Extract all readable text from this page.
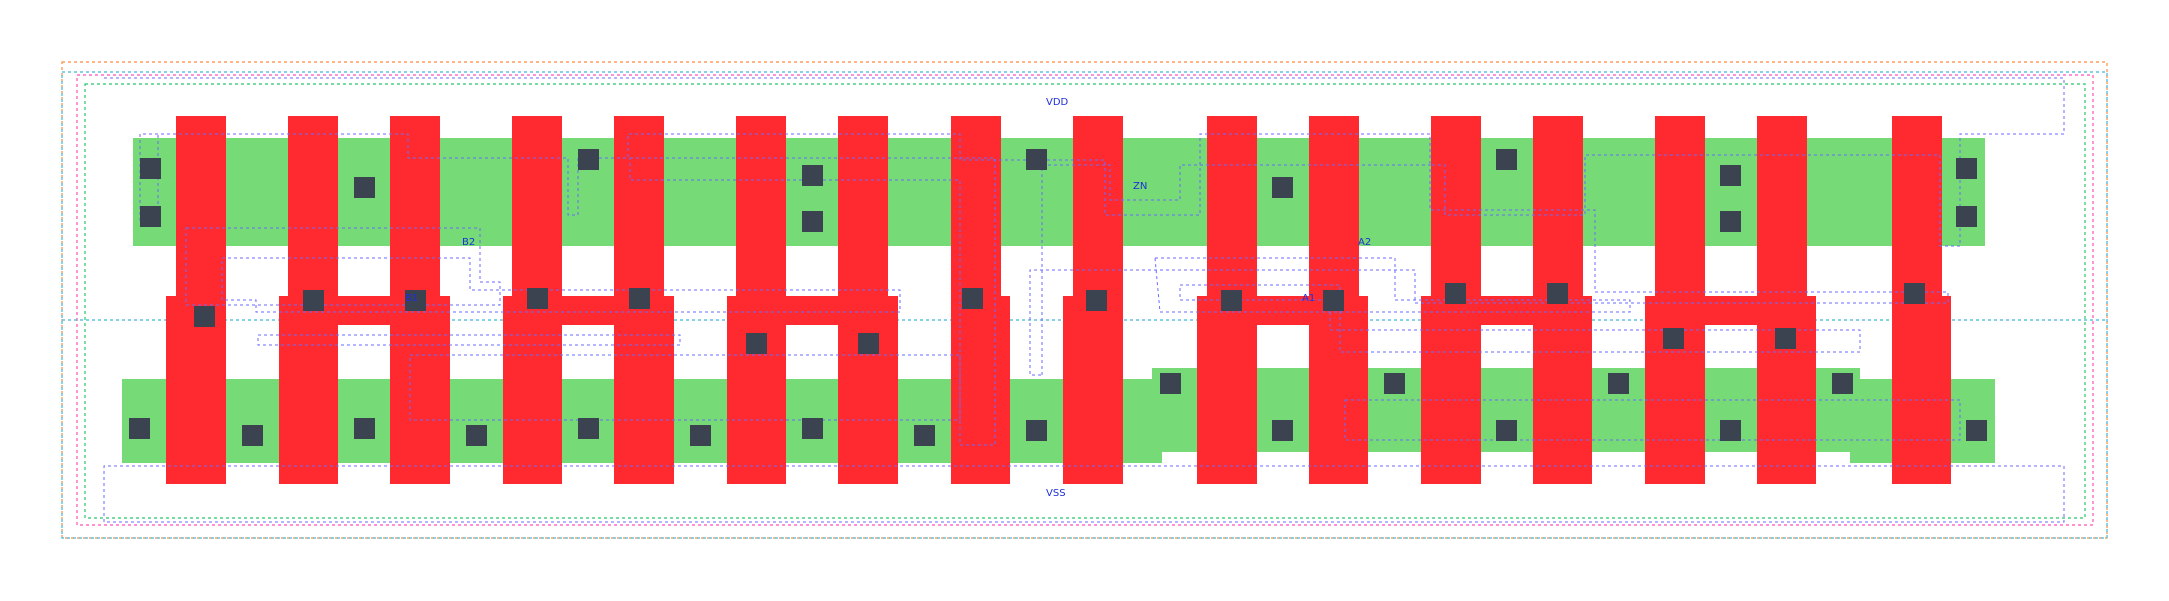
VDD
ZN
B2	A2
B1	A1
VSS
